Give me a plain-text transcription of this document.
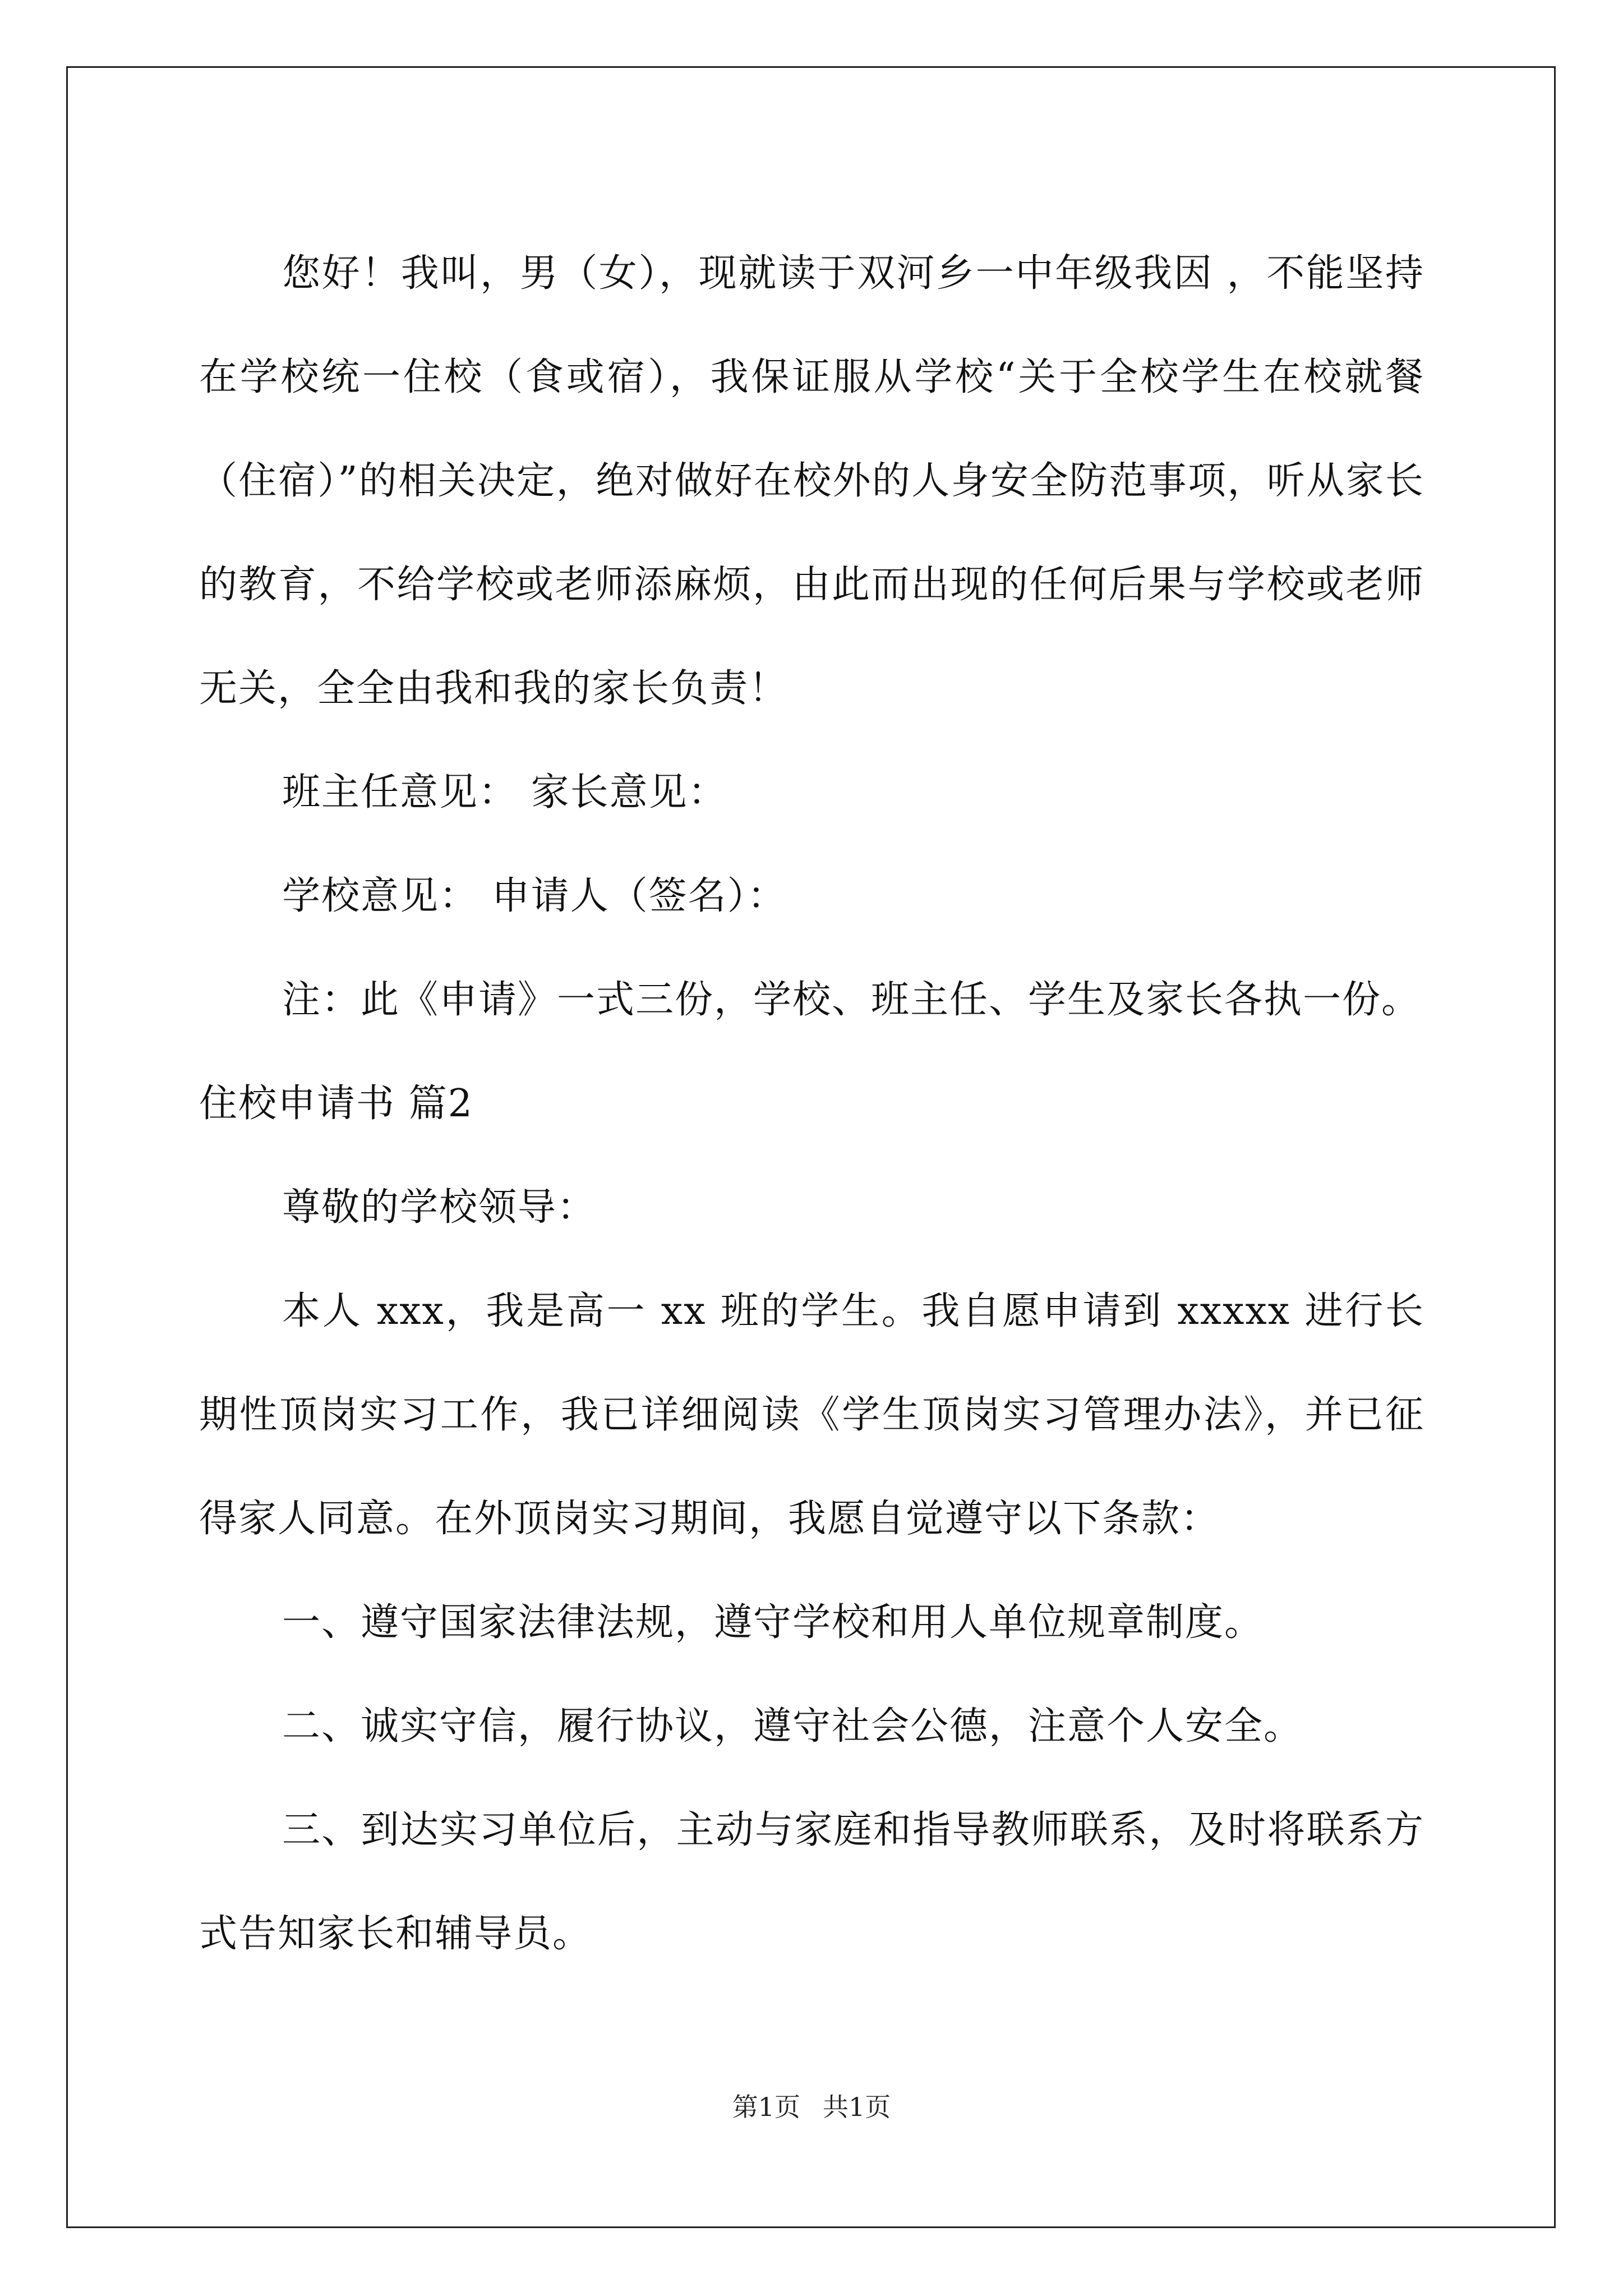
您好！我叫，男（女），现就读于双河乡一中年级我因 ，不能坚持在学校统一住校（食或宿），我保证服从学校“关于全校学生在校就餐（住宿）”的相关决定，绝对做好在校外的人身安全防范事项，听从家长的教育，不给学校或老师添麻烦，由此而出现的任何后果与学校或老师无关，全全由我和我的家长负责！

班主任意见： 家长意见：

学校意见： 申请人（签名）：

注：此《申请》一式三份，学校、班主任、学生及家长各执一份。

住校申请书 篇2

尊敬的学校领导：

本人 xxx，我是高一 xx 班的学生。我自愿申请到 xxxxx 进行长期性顶岗实习工作，我已详细阅读《学生顶岗实习管理办法》，并已征得家人同意。在外顶岗实习期间，我愿自觉遵守以下条款：

一、遵守国家法律法规，遵守学校和用人单位规章制度。

二、诚实守信，履行协议，遵守社会公德，注意个人安全。

三、到达实习单位后，主动与家庭和指导教师联系，及时将联系方式告知家长和辅导员。

第1页 共1页
